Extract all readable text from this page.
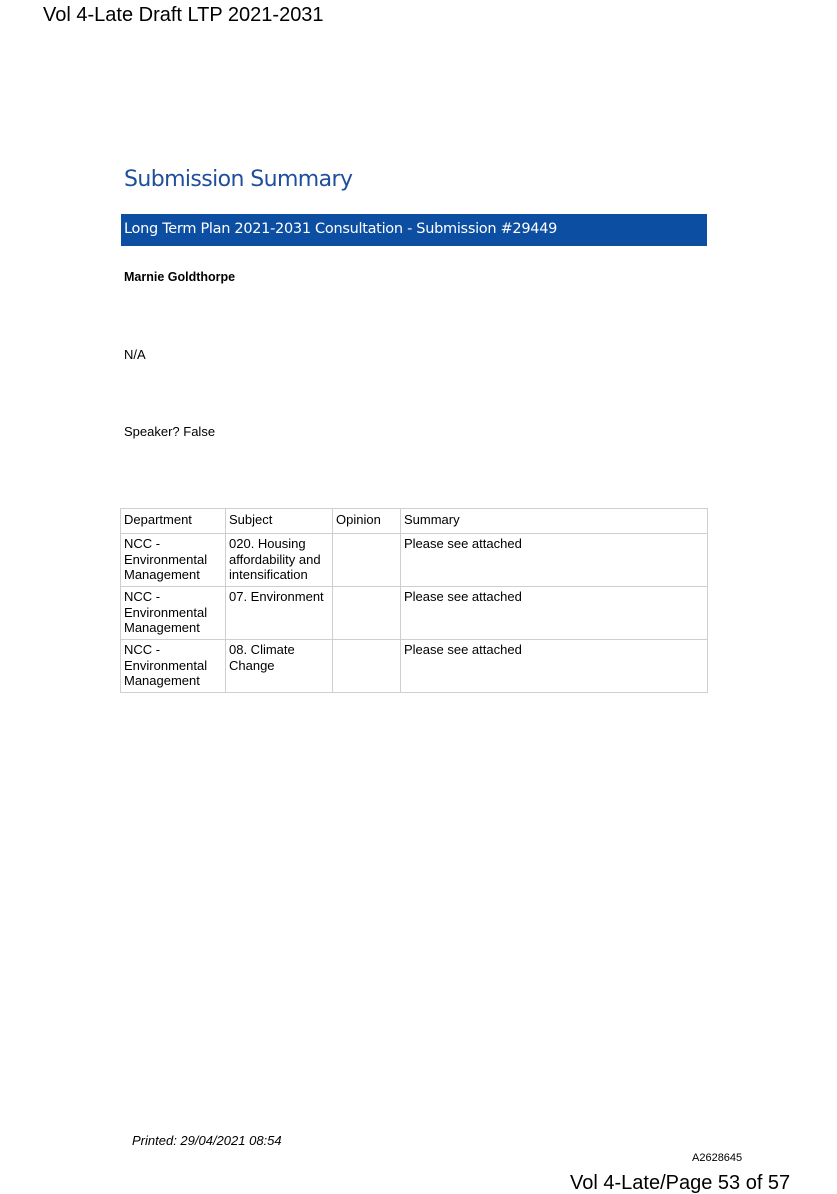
Vol 4-Late Draft LTP 2021-2031
Submission Summary
Long Term Plan 2021-2031 Consultation - Submission #29449
Marnie Goldthorpe
N/A
Speaker? False
Department	Subject	Opinion	Summary
NCC - Environmental Management	020. Housing affordability and intensification		Please see attached
NCC - Environmental Management	07. Environment		Please see attached
NCC - Environmental Management	08. Climate Change		Please see attached
Printed: 29/04/2021 08:54
A2628645
Vol 4-Late/Page 53 of 57
